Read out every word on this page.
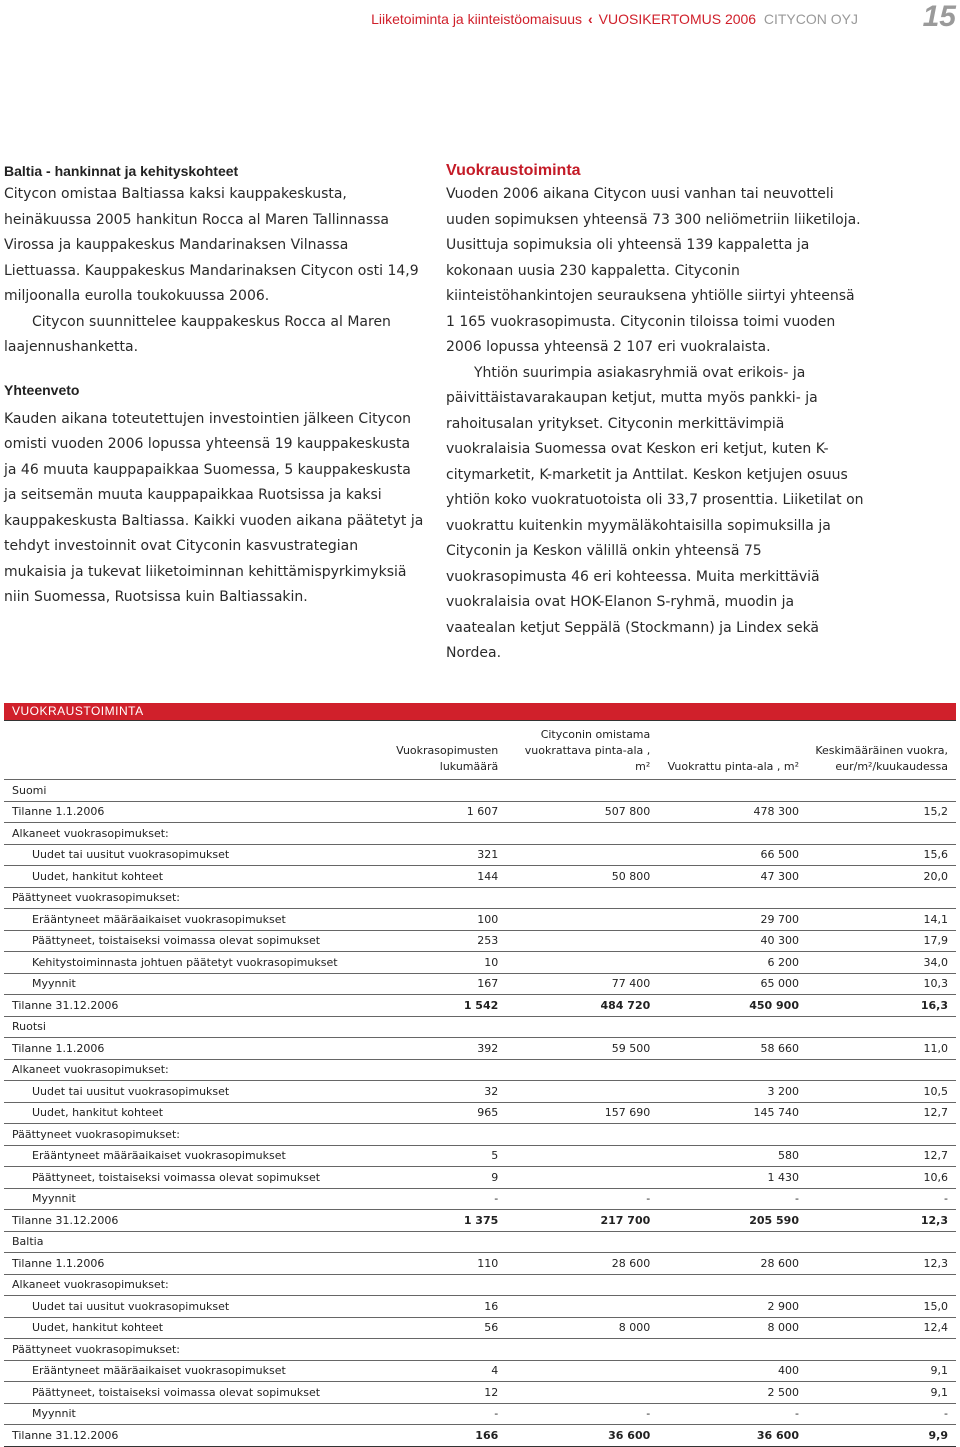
Liiketoiminta ja kiinteistöomaisuus ‹ VUOSIKERTOMUS 2006 CITYCON OYJ 15

Baltia - hankinnat ja kehityskohteet

Citycon omistaa Baltiassa kaksi kauppakeskusta, heinäkuussa 2005 hankitun Rocca al Maren Tallinnassa Virossa ja kauppakeskus Mandarinaksen Vilnassa Liettuassa. Kauppakeskus Mandarinaksen Citycon osti 14,9 miljoonalla eurolla toukokuussa 2006.

Citycon suunnittelee kauppakeskus Rocca al Maren laajennushanketta.

Yhteenveto

Kauden aikana toteutettujen investointien jälkeen Citycon omisti vuoden 2006 lopussa yhteensä 19 kauppakeskusta ja 46 muuta kauppapaikkaa Suomessa, 5 kauppakeskusta ja seitsemän muuta kauppapaikkaa Ruotsissa ja kaksi kauppakeskusta Baltiassa. Kaikki vuoden aikana päätetyt ja tehdyt investoinnit ovat Cityconin kasvustrategian mukaisia ja tukevat liiketoiminnan kehittämispyrkimyksiä niin Suomessa, Ruotsissa kuin Baltiassakin.

Vuokraustoiminta

Vuoden 2006 aikana Citycon uusi vanhan tai neuvotteli uuden sopimuksen yhteensä 73 300 neliömetriin liiketiloja. Uusittuja sopimuksia oli yhteensä 139 kappaletta ja kokonaan uusia 230 kappaletta. Cityconin kiinteistöhankintojen seurauksena yhtiölle siirtyi yhteensä 1 165 vuokrasopimusta. Cityconin tiloissa toimi vuoden 2006 lopussa yhteensä 2 107 eri vuokralaista.

Yhtiön suurimpia asiakasryhmiä ovat erikois- ja päivittäistavarakaupan ketjut, mutta myös pankki- ja rahoitusalan yritykset. Cityconin merkittävimpiä vuokralaisia Suomessa ovat Keskon eri ketjut, kuten K-citymarketit, K-marketit ja Anttilat. Keskon ketjujen osuus yhtiön koko vuokratuotoista oli 33,7 prosenttia. Liiketilat on vuokrattu kuitenkin myymäläkohtaisilla sopimuksilla ja Cityconin ja Keskon välillä onkin yhteensä 75 vuokrasopimusta 46 eri kohteessa. Muita merkittäviä vuokralaisia ovat HOK-Elanon S-ryhmä, muodin ja vaatealan ketjut Seppälä (Stockmann) ja Lindex sekä Nordea.

VUOKRAUSTOIMINTA
	Vuokrasopimusten lukumäärä	Cityconin omistama vuokrattava pinta-ala , m²	Vuokrattu pinta-ala , m²	Keskimääräinen vuokra, eur/m²/kuukaudessa
Suomi				
Tilanne 1.1.2006	1 607	507 800	478 300	15,2
Alkaneet vuokrasopimukset:				
Uudet tai uusitut vuokrasopimukset	321		66 500	15,6
Uudet, hankitut kohteet	144	50 800	47 300	20,0
Päättyneet vuokrasopimukset:				
Erääntyneet määräaikaiset vuokrasopimukset	100		29 700	14,1
Päättyneet, toistaiseksi voimassa olevat sopimukset	253		40 300	17,9
Kehitystoiminnasta johtuen päätetyt vuokrasopimukset	10		6 200	34,0
Myynnit	167	77 400	65 000	10,3
Tilanne 31.12.2006	1 542	484 720	450 900	16,3
Ruotsi				
Tilanne 1.1.2006	392	59 500	58 660	11,0
Alkaneet vuokrasopimukset:				
Uudet tai uusitut vuokrasopimukset	32		3 200	10,5
Uudet, hankitut kohteet	965	157 690	145 740	12,7
Päättyneet vuokrasopimukset:				
Erääntyneet määräaikaiset vuokrasopimukset	5		580	12,7
Päättyneet, toistaiseksi voimassa olevat sopimukset	9		1 430	10,6
Myynnit	-	-	-	-
Tilanne 31.12.2006	1 375	217 700	205 590	12,3
Baltia				
Tilanne 1.1.2006	110	28 600	28 600	12,3
Alkaneet vuokrasopimukset:				
Uudet tai uusitut vuokrasopimukset	16		2 900	15,0
Uudet, hankitut kohteet	56	8 000	8 000	12,4
Päättyneet vuokrasopimukset:				
Erääntyneet määräaikaiset vuokrasopimukset	4		400	9,1
Päättyneet, toistaiseksi voimassa olevat sopimukset	12		2 500	9,1
Myynnit	-	-	-	-
Tilanne 31.12.2006	166	36 600	36 600	9,9
